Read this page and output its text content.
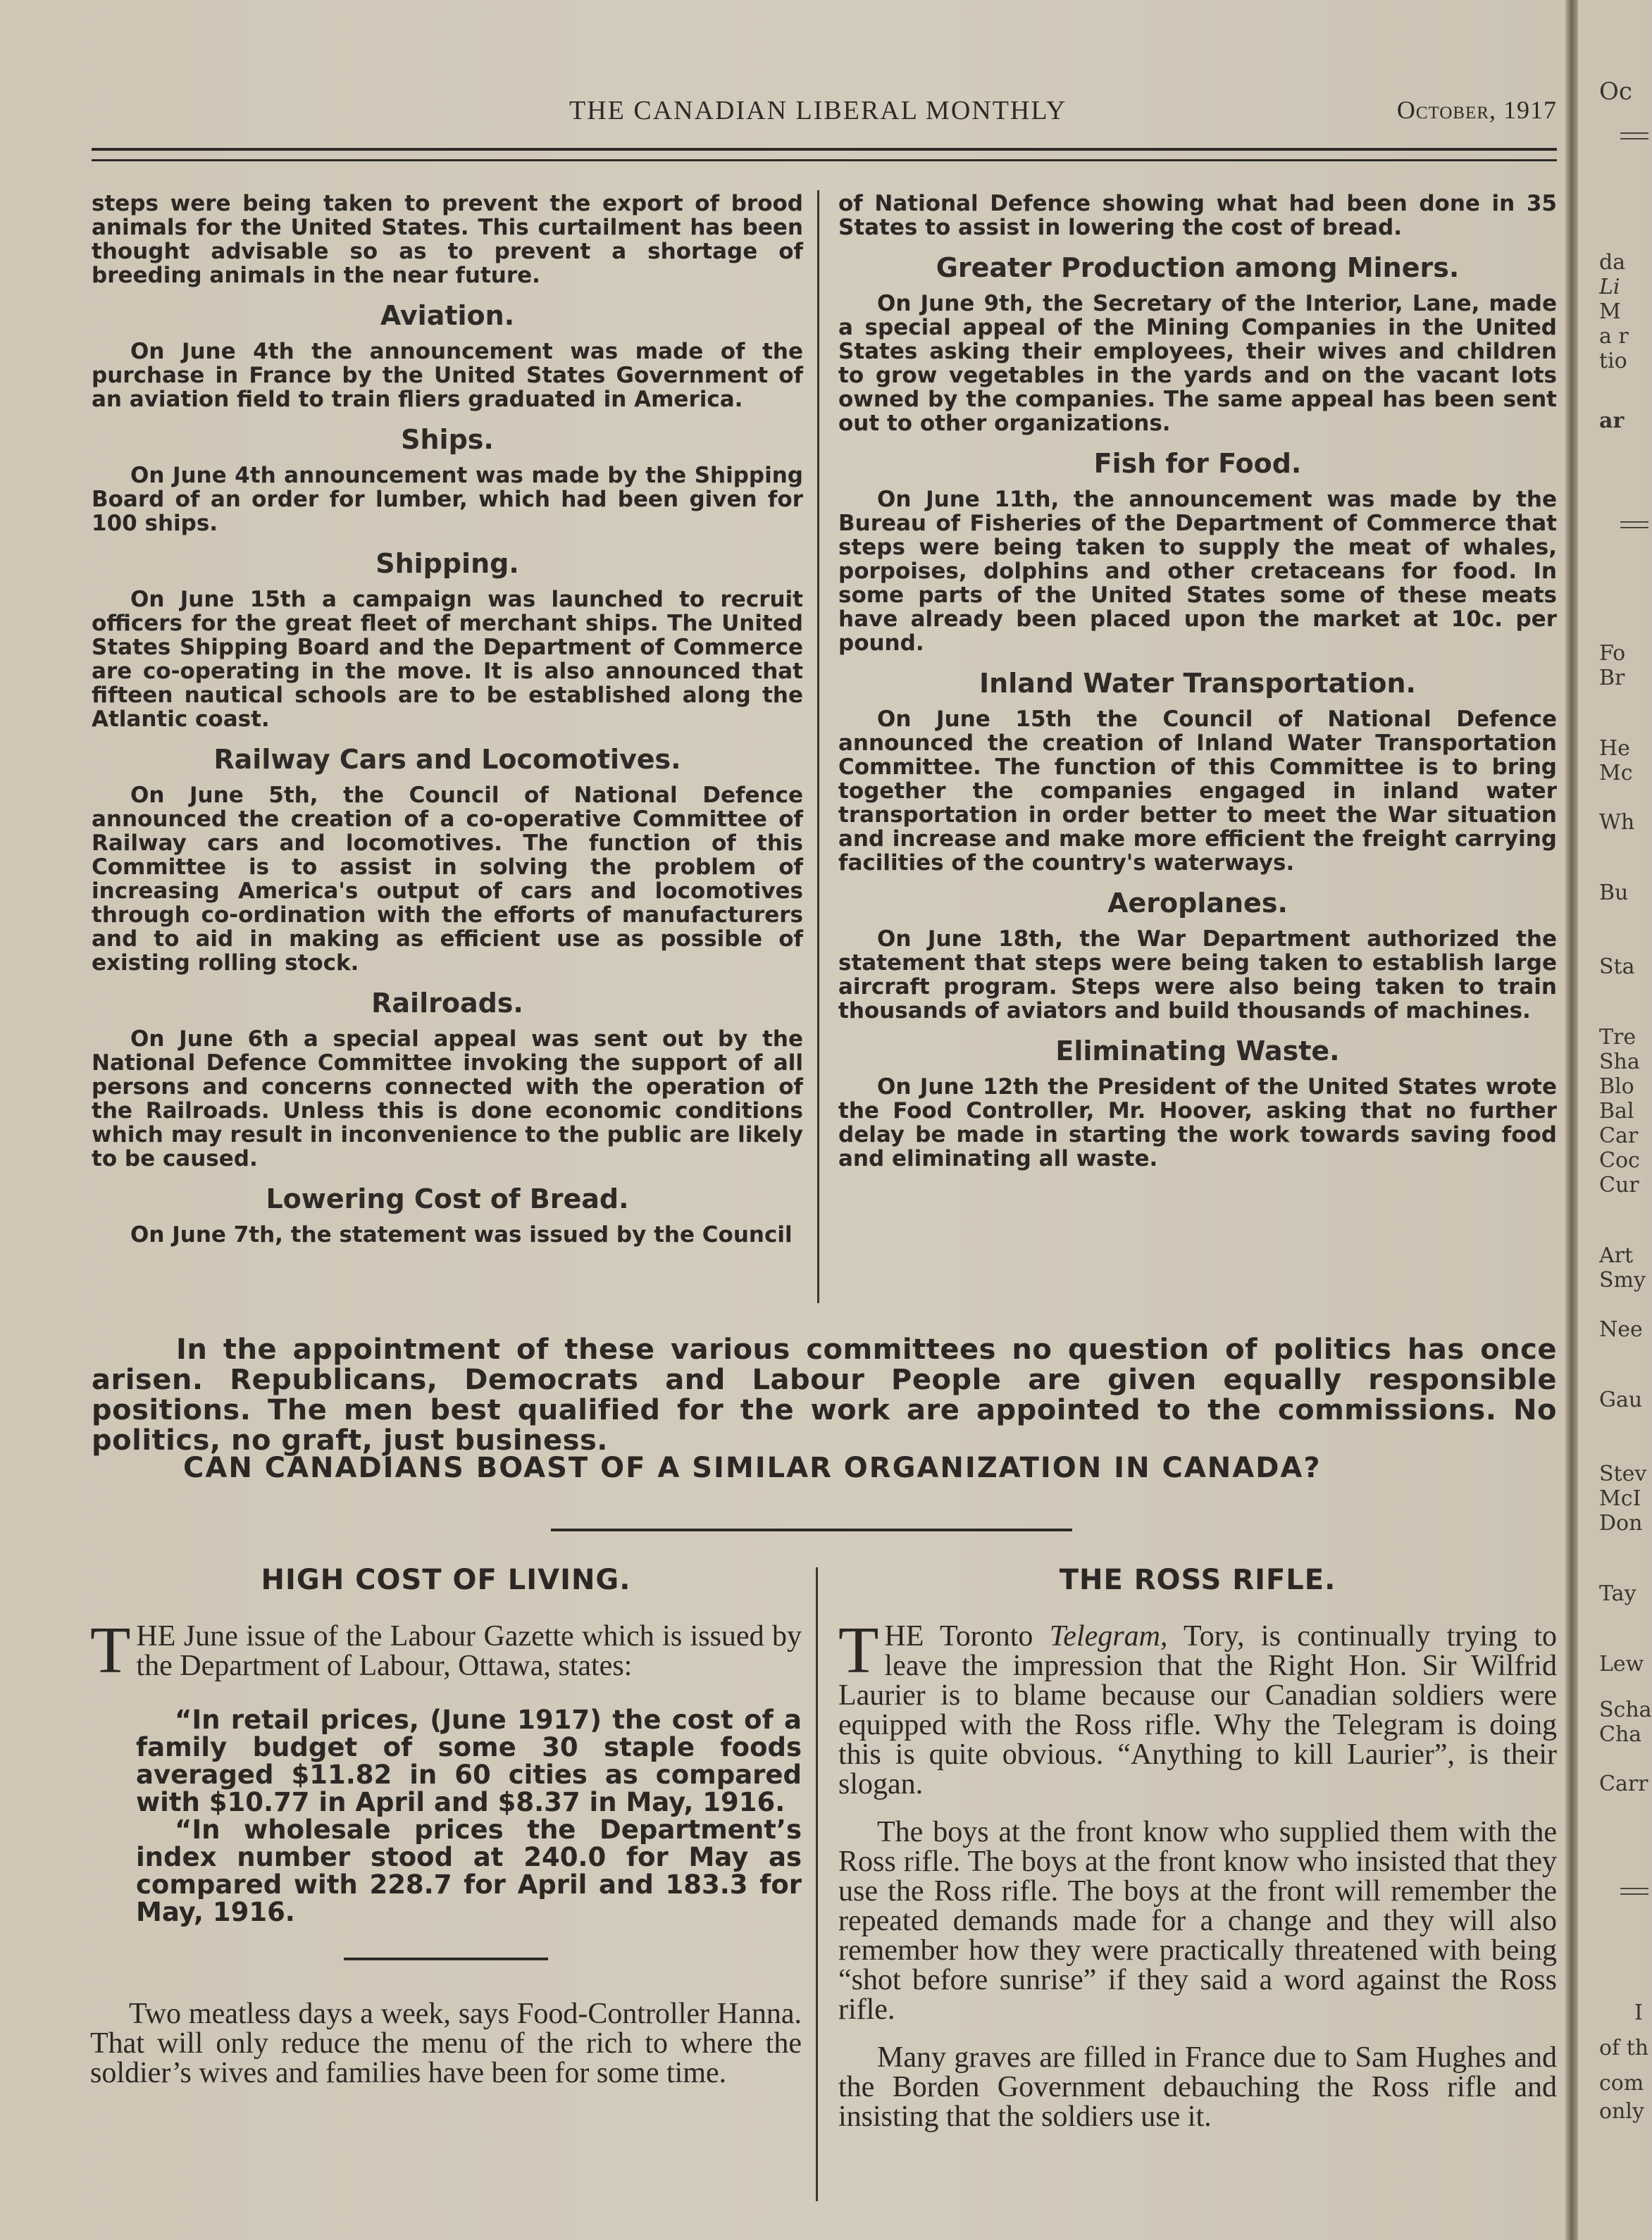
THE CANADIAN LIBERAL MONTHLY	October, 1917

steps were being taken to prevent the export of brood animals for the United States. This curtailment has been thought advisable so as to prevent a shortage of breeding animals in the near future.

Aviation.

On June 4th the announcement was made of the purchase in France by the United States Government of an aviation field to train fliers graduated in America.

Ships.

On June 4th announcement was made by the Shipping Board of an order for lumber, which had been given for 100 ships.

Shipping.

On June 15th a campaign was launched to recruit officers for the great fleet of merchant ships. The United States Shipping Board and the Department of Commerce are co-operating in the move. It is also announced that fifteen nautical schools are to be established along the Atlantic coast.

Railway Cars and Locomotives.

On June 5th, the Council of National Defence announced the creation of a co-operative Committee of Railway cars and locomotives. The function of this Committee is to assist in solving the problem of increasing America's output of cars and locomotives through co-ordination with the efforts of manufacturers and to aid in making as efficient use as possible of existing rolling stock.

Railroads.

On June 6th a special appeal was sent out by the National Defence Committee invoking the support of all persons and concerns connected with the operation of the Railroads. Unless this is done economic conditions which may result in inconvenience to the public are likely to be caused.

Lowering Cost of Bread.

On June 7th, the statement was issued by the Council

of National Defence showing what had been done in 35 States to assist in lowering the cost of bread.

Greater Production among Miners.

On June 9th, the Secretary of the Interior, Lane, made a special appeal of the Mining Companies in the United States asking their employees, their wives and children to grow vegetables in the yards and on the vacant lots owned by the companies. The same appeal has been sent out to other organizations.

Fish for Food.

On June 11th, the announcement was made by the Bureau of Fisheries of the Department of Commerce that steps were being taken to supply the meat of whales, porpoises, dolphins and other cretaceans for food. In some parts of the United States some of these meats have already been placed upon the market at 10c. per pound.

Inland Water Transportation.

On June 15th the Council of National Defence announced the creation of Inland Water Transportation Committee. The function of this Committee is to bring together the companies engaged in inland water transportation in order better to meet the War situation and increase and make more efficient the freight carrying facilities of the country's waterways.

Aeroplanes.

On June 18th, the War Department authorized the statement that steps were being taken to establish large aircraft program. Steps were also being taken to train thousands of aviators and build thousands of machines.

Eliminating Waste.

On June 12th the President of the United States wrote the Food Controller, Mr. Hoover, asking that no further delay be made in starting the work towards saving food and eliminating all waste.

In the appointment of these various committees no question of politics has once arisen. Republicans, Democrats and Labour People are given equally responsible positions. The men best qualified for the work are appointed to the commissions. No politics, no graft, just business.

CAN CANADIANS BOAST OF A SIMILAR ORGANIZATION IN CANADA?
HIGH COST OF LIVING.

THE June issue of the Labour Gazette which is issued by the Department of Labour, Ottawa, states:

“In retail prices, (June 1917) the cost of a family budget of some 30 staple foods averaged $11.82 in 60 cities as compared with $10.77 in April and $8.37 in May, 1916.

“In wholesale prices the Department’s index number stood at 240.0 for May as compared with 228.7 for April and 183.3 for May, 1916.

Two meatless days a week, says Food-Controller Hanna. That will only reduce the menu of the rich to where the soldier’s wives and families have been for some time.

THE ROSS RIFLE.

THE Toronto Telegram, Tory, is continually trying to leave the impression that the Right Hon. Sir Wilfrid Laurier is to blame because our Canadian soldiers were equipped with the Ross rifle. Why the Telegram is doing this is quite obvious. “Anything to kill Laurier”, is their slogan.

The boys at the front know who supplied them with the Ross rifle. The boys at the front know who insisted that they use the Ross rifle. The boys at the front will remember the repeated demands made for a change and they will also remember how they were practically threatened with being “shot before sunrise” if they said a word against the Ross rifle.

Many graves are filled in France due to Sam Hughes and the Borden Government debauching the Ross rifle and insisting that the soldiers use it.

Oc
da
Li
M
a r
tio
ar
Fo
Br
He
Mc
Wh
Bu
Sta
Tre
Sha
Blo
Bal
Car
Coc
Cur
Art
Smy
Nee
Gau
Stev
McI
Don
Tay
Lew
Scha
Cha
Carr
I
of th
com
only
